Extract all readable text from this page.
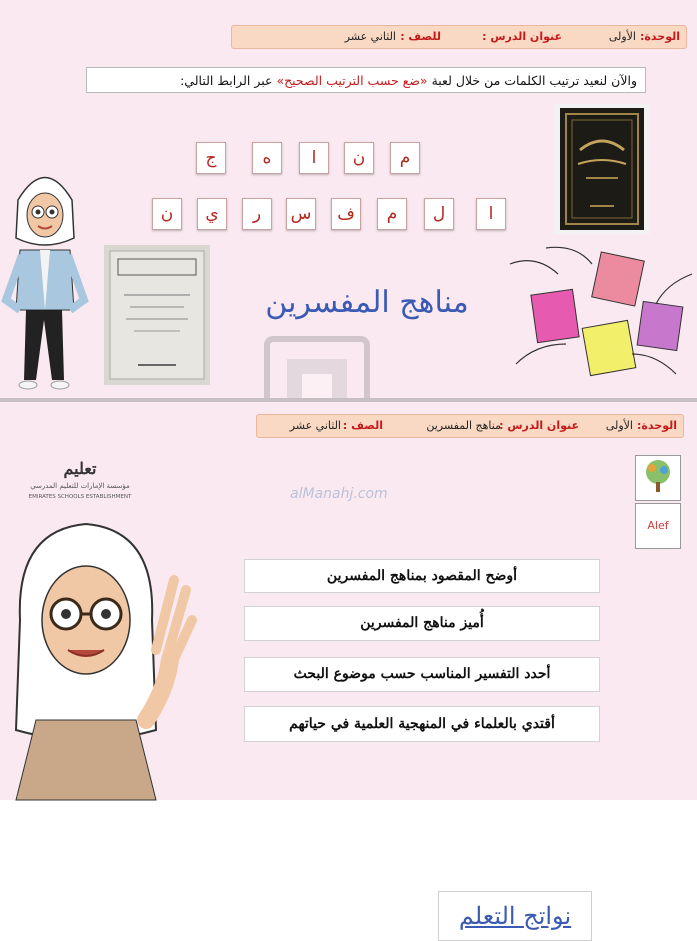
الوحدة:
الأولى
عنوان الدرس :
للصف :
الثاني عشر
والآن لنعيد ترتيب الكلمات من خلال لعبة «ضع حسب الترتيب الصحيح» عبر الرابط التالي:
م
ن
ا
ه
ج
ا
ل
م
ف
س
ر
ي
ن
مناهج المفسرين
الوحدة:
الأولى
عنوان الدرس :
مناهج المفسرين
الصف :
الثاني عشر
تعليم
مؤسسة الإمارات للتعليم المدرسي
EMIRATES SCHOOLS ESTABLISHMENT
Alef
نواتج التعلم
أوضح المقصود بمناهج المفسرين
أُميز مناهج المفسرين
أحدد التفسير المناسب حسب موضوع البحث
أقتدي بالعلماء في المنهجية العلمية في حياتهم
alManahj.com
